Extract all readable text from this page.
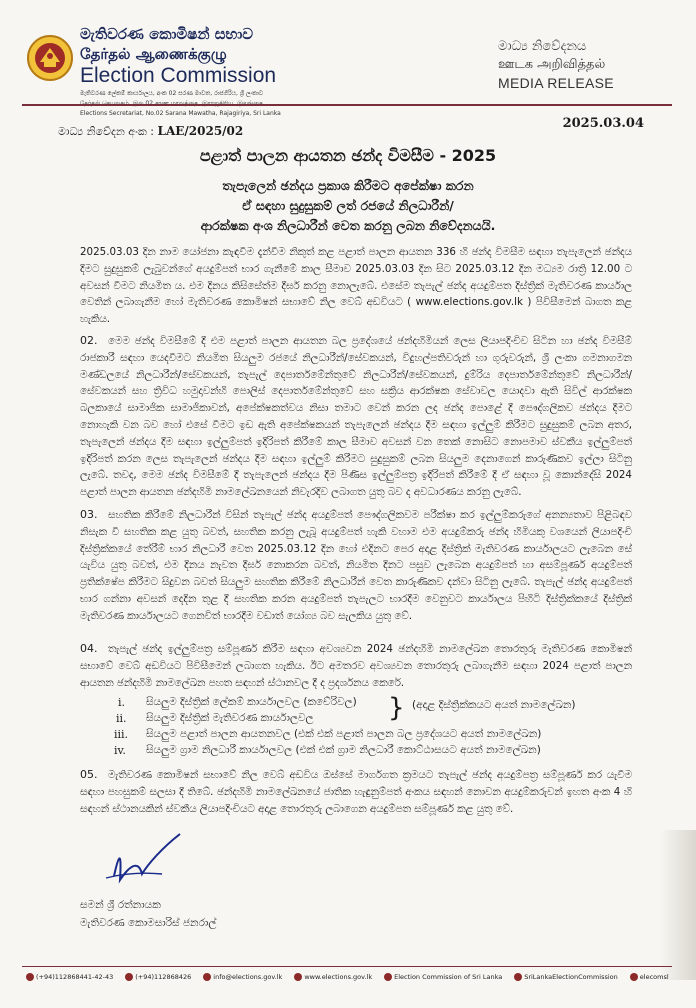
මැතිවරණ කොමිෂන් සභාව
தேர்தல் ஆணைக்குழு
Election Commission
මැතිවරණ ලේකම් කාර්යාලය, අංක 02 සරණ මාවත, රාජගිරිය, ශ්‍රී ලංකාව
Elections Secretariat, No.02 Sarana Mawatha, Rajagiriya, Sri Lanka
මාධ්‍ය නිවේදනය
ஊடக அறிவித்தல்
MEDIA RELEASE
මාධ්‍ය නිවේදන අංක : LAE/2025/02	2025.03.04
පළාත් පාලන ආයතන ඡන්ද විමසීම - 2025
තැපැලෙන් ඡන්දය ප්‍රකාශ කිරීමට අපේක්ෂා කරන
ඒ සඳහා සුදුසුකම් ලත් රජයේ නිලධාරීන්/
ආරක්ෂක අංශ නිලධාරීන් වෙත කරනු ලබන නිවේදනයයි.
2025.03.03 දින නාම යෝජනා කැඳවීම දැන්වීම නිකුත් කළ පළාත් පාලන ආයතන 336 හි ඡන්ද විමසීම සඳහා තැපැලෙන් ඡන්දය දීමට සුදුසුකම් ලැබුවන්ගේ අයදුම්පත් භාර ගැනීමේ කාල සීමාව 2025.03.03 දින සිට 2025.03.12 දින මධ්‍යම රාත්‍රි 12.00 ට අවසන් වීමට නියමිත ය. එම දිනය කිසිසේත්ම දීර්ඝ කරනු නොලැබේ. එසේම තැපැල් ඡන්ද අයදුම්පත දිස්ත්‍රික් මැතිවරණ කාර්යාල වෙතින් ලබාගැනීම හෝ මැතිවරණ කොමිෂන් සභාවේ නිල වෙබ් අඩවියට ( www.elections.gov.lk ) පිවිසීමෙන් බාගත කළ හැකිය.
02.	මෙම ඡන්ද විමසීමේ දී එම පළාත් පාලන ආයතන බල ප්‍රදේශයේ ඡන්දහිමියන් ලෙස ලියාපදිංචිව සිටින හා ඡන්ද විමසීම් රාජකාරී සඳහා යෙදවීමට නියමිත සියලුම රජයේ නිලධාරීන්/සේවකයන්, විදුහල්පතිවරුන් හා ගුරුවරුන්, ශ්‍රී ලංකා ගමනාගමන මණ්ඩලයේ නිලධාරීන්/සේවකයන්, තැපැල් දෙපාර්තමේන්තුවේ නිලධාරීන්/සේවකයන්, දුම්රිය දෙපාර්තමේන්තුවේ නිලධාරීන්/සේවකයන් සහ ත්‍රිවිධ හමුදාවන්හි පොලිස් දෙපාර්තමේන්තුවේ සහ සක්‍රිය ආරක්ෂක සේවාවල යොදවා ඇති සිවිල් ආරක්ෂක බලකායේ සාමාජික සාමාජිකාවන්, අපේක්ෂකත්වය නිසා තමාට වෙන් කරන ලද ඡන්ද පොළේ දී පෞද්ගලිකව ඡන්දය දීමට නොහැකි වන බව හෝ එසේ වීමට ඉඩ ඇති අපේක්ෂකයන් තැපැලෙන් ඡන්දය දීම සඳහා ඉල්ලුම් කිරීමට සුදුසුකම් ලබන අතර, තැපැලෙන් ඡන්දය දීම සඳහා ඉල්ලුම්පත් ඉදිරිපත් කිරීමේ කාල සීමාව අවසන් වන තෙක් නොසිට නොපමාව ස්වකීය ඉල්ලුම්පත් ඉදිරිපත් කරන ලෙස තැපැලෙන් ඡන්දය දීම සඳහා ඉල්ලුම් කිරීමට සුදුසුකම් ලබන සියලුම දෙනාගෙන් කාරුණිකව ඉල්ලා සිටිනු ලැබේ. තවද, මෙම ඡන්ද විමසීමේ දී තැපැලෙන් ඡන්දය දීම පිණිස ඉල්ලුම්පත්‍ර ඉදිරිපත් කිරීමේ දී ඒ සඳහා වූ කොන්දේසි 2024 පළාත් පාලන ආයතන ඡන්දහිමි නාමලේඛනයෙන් නිවැරදිව ලබාගත යුතු බව ද අවධාරණය කරනු ලැබේ.
03.	සහතික කිරීමේ නිලධාරීන් විසින් තැපැල් ඡන්ද අයදුම්පත් පෞද්ගලිකවම පරීක්ෂා කර ඉල්ලුම්කරුගේ අනන්‍යතාව පිළිබඳව නිසැක වී සහතික කළ යුතු බවත්, සහතික කරනු ලැබූ අයදුම්පත් හැකි වහාම එම අයදුම්කරු ඡන්ද හිමියකු වශයෙන් ලියාපදිංචි දිස්ත්‍රික්කයේ තේරීම් භාර නිලධාරී වෙත 2025.03.12 දින හෝ එදිනට පෙර අදාළ දිස්ත්‍රික් මැතිවරණ කාර්යාලයට ලැබෙන සේ යැවිය යුතු බවත්, එම දිනය නැවත දීර්ඝ නොකරන බවත්, නියමිත දිනට පසුව ලැබෙන අයදුම්පත් හා අසම්පූර්ණ අයදුම්පත් ප්‍රතික්ෂේප කිරීමට සිදුවන බවත් සියලුම සහතික කිරීමේ නිලධාරීන් වෙත කාරුණිකව දන්වා සිටිනු ලැබේ. තැපැල් ඡන්ද අයදුම්පත් භාර ගන්නා අවසන් දෙදින තුළ දී සහතික කරන අයදුම්පත් තැපැලට භාරදීම වෙනුවට කාර්යාලය පිහිටි දිස්ත්‍රික්කයේ දිස්ත්‍රික් මැතිවරණ කාර්යාලයට ගෙනවිත් භාරදීම වඩාත් යෝග්‍ය බව සැලකිය යුතු වේ.
04.	තැපැල් ඡන්ද ඉල්ලුම්පත්‍ර සම්පූර්ණ කිරීම සඳහා අවශ්‍යවන 2024 ඡන්දහිමි නාමලේඛන තොරතුරු මැතිවරණ කොමිෂන් සභාවේ වෙබ් අඩවියට පිවිසීමෙන් ලබාගත හැකිය. ඊට අමතරව අවශ්‍යවන තොරතුරු ලබාගැනීම සඳහා 2024 පළාත් පාලන ආයතන ඡන්දහිමි නාමලේඛන පහත සඳහන් ස්ථානවල දී ද ප්‍රදර්ශනය කෙරේ.
i. සියලුම දිස්ත්‍රික් ලේකම් කාර්යාලවල (කචේරිවල)
ii. සියලුම දිස්ත්‍රික් මැතිවරණ කාර්යාලවල
iii. සියලුම පළාත් පාලන ආයතනවල (එක් එක් පළාත් පාලන බල ප්‍රදේශයට අයත් නාමලේඛන)
iv. සියලුම ග්‍රාම නිලධාරී කාර්යාලවල (එක් එක් ග්‍රාම නිලධාරී කොට්ඨාසයට අයත් නාමලේඛන)
} (අදාළ දිස්ත්‍රික්කයට අයත් නාමලේඛන)
05.	මැතිවරණ කොමිෂන් සභාවේ නිල වෙබ් අඩවිය ඔස්සේ මාර්ගගත ක්‍රමයට තැපැල් ඡන්ද අයදුම්පත්‍ර සම්පූර්ණ කර යැවීම සඳහා පහසුකම් සලසා දී තිබේ. ඡන්දහිමි නාමලේඛනයේ ජාතික හැඳුනුම්පත් අංකය සඳහන් නොවන අයදුම්කරුවන් ඉහත අංක 4 හි සඳහන් ස්ථානයකින් ස්වකීය ලියාපදිංචියට අදාළ තොරතුරු ලබාගෙන අයදුම්පත සම්පූර්ණ කළ යුතු වේ.
සමන් ශ්‍රී රත්නායක
මැතිවරණ කොමසාරිස් ජනරාල්
(+94)112868441-42-43	(+94)112868426	info@elections.gov.lk	www.elections.gov.lk	Election Commission of Sri Lanka	SriLankaElectionCommission	elecomsl
